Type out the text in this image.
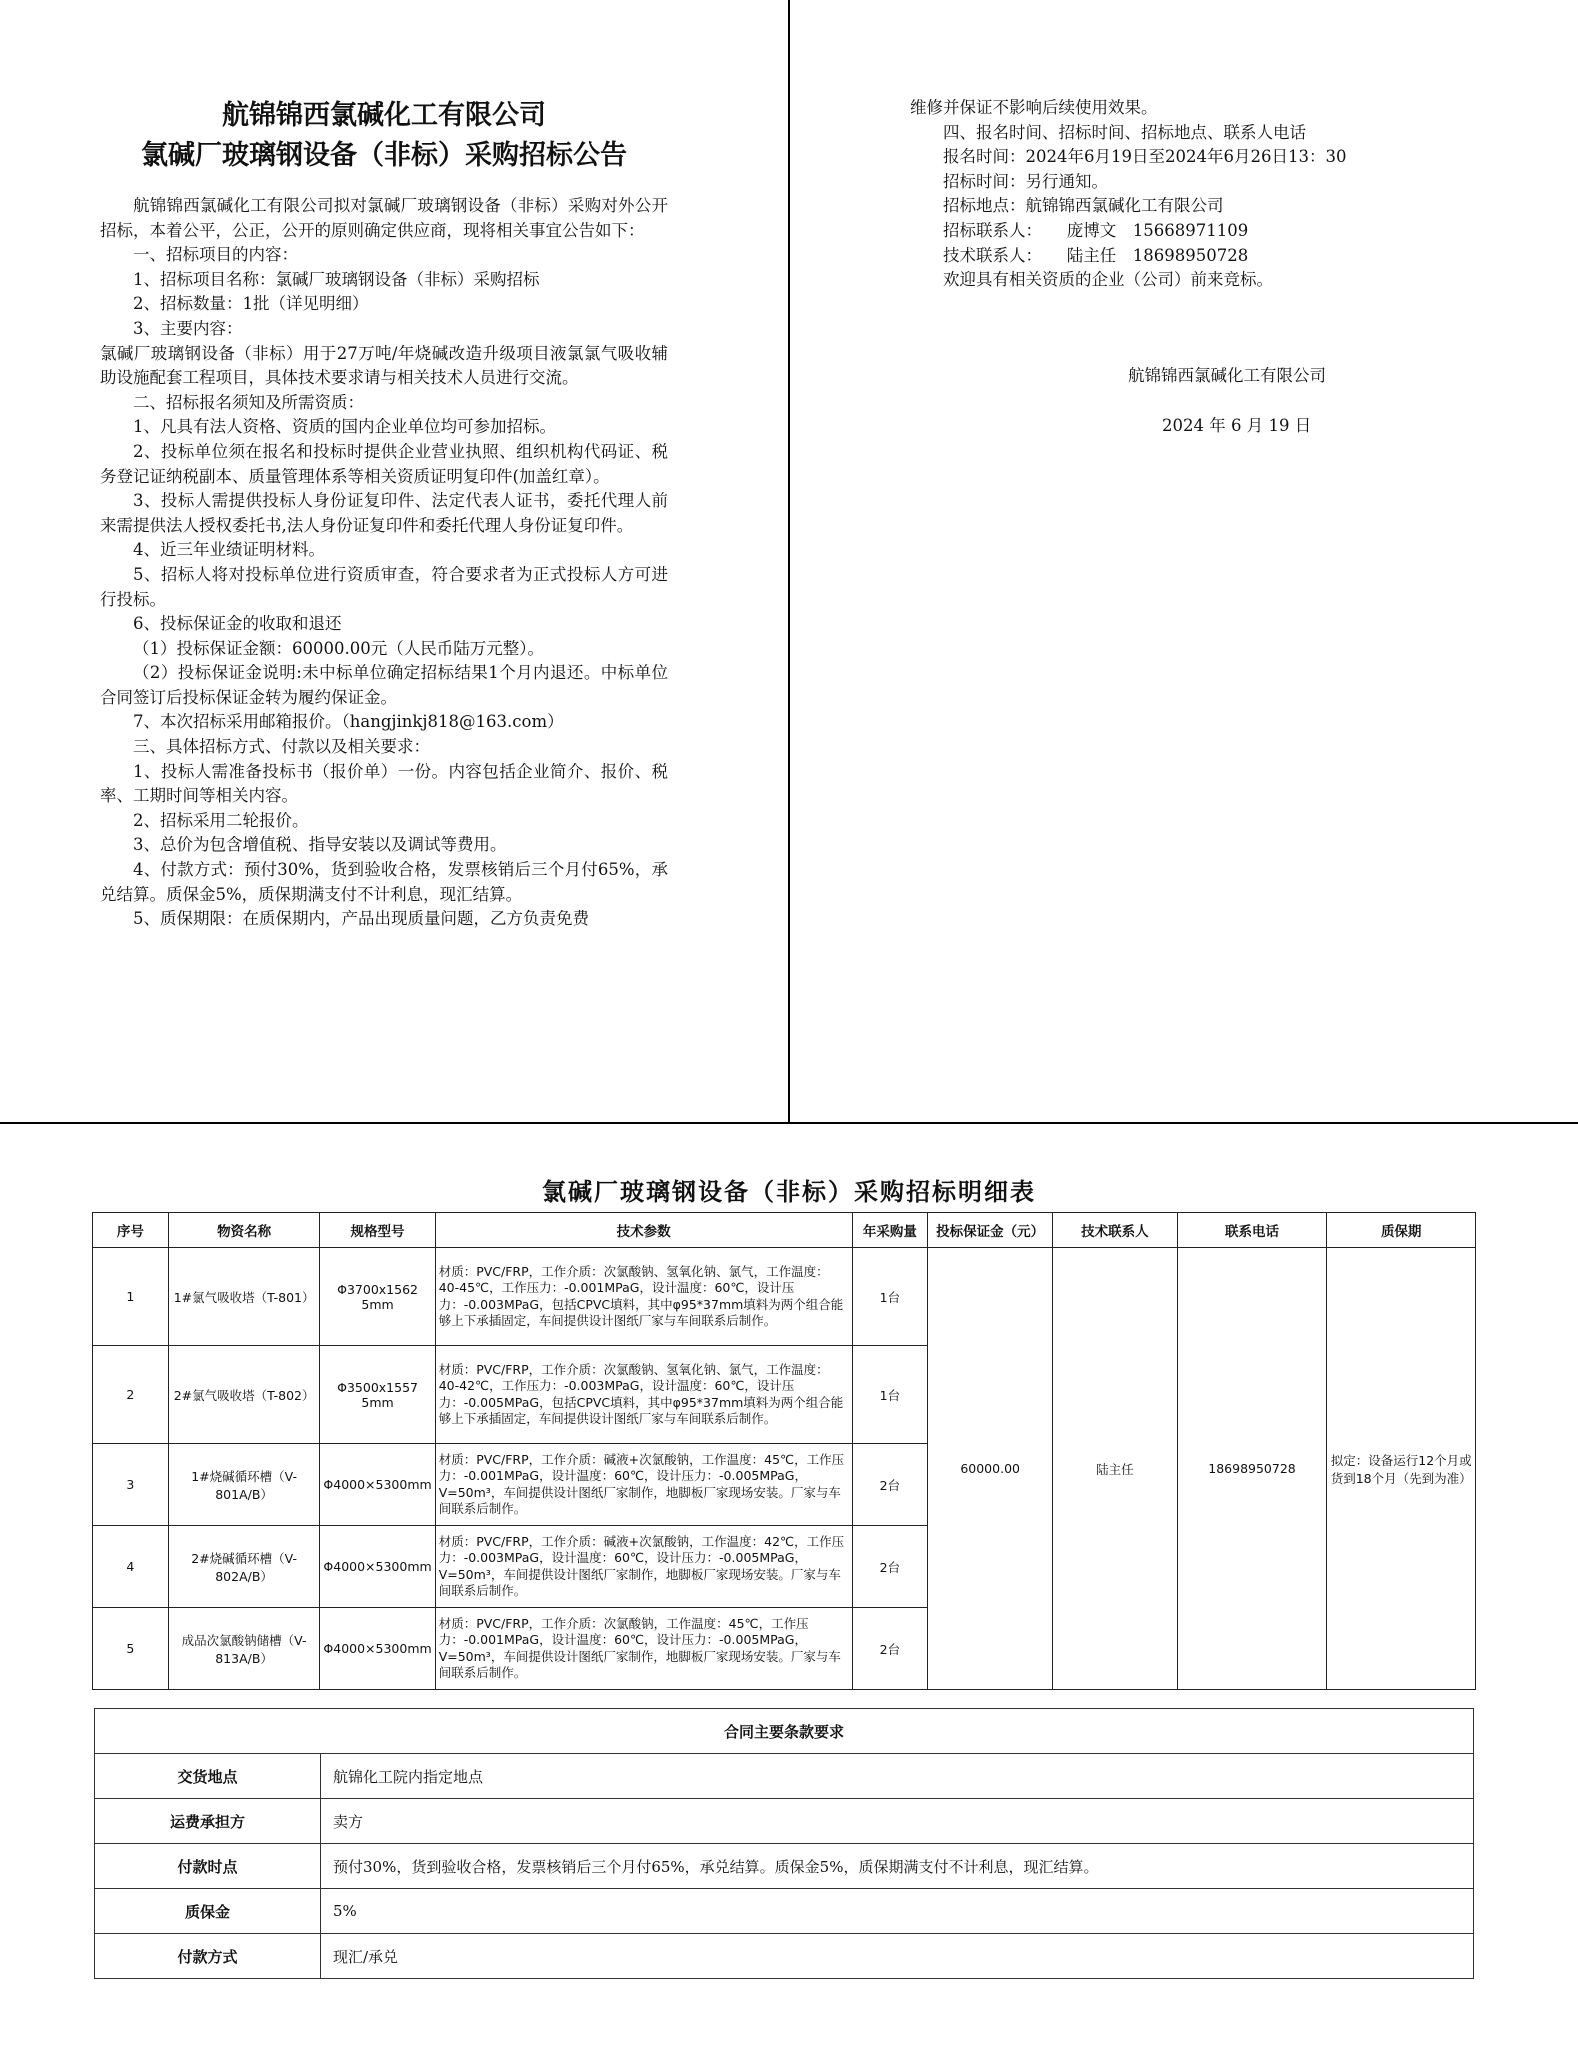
航锦锦西氯碱化工有限公司
氯碱厂玻璃钢设备（非标）采购招标公告

航锦锦西氯碱化工有限公司拟对氯碱厂玻璃钢设备（非标）采购对外公开招标，本着公平，公正，公开的原则确定供应商，现将相关事宜公告如下：

一、招标项目的内容：

1、招标项目名称：氯碱厂玻璃钢设备（非标）采购招标

2、招标数量：1批（详见明细）

3、主要内容：

氯碱厂玻璃钢设备（非标）用于27万吨/年烧碱改造升级项目液氯氯气吸收辅助设施配套工程项目，具体技术要求请与相关技术人员进行交流。

二、招标报名须知及所需资质：

1、凡具有法人资格、资质的国内企业单位均可参加招标。

2、投标单位须在报名和投标时提供企业营业执照、组织机构代码证、税务登记证纳税副本、质量管理体系等相关资质证明复印件(加盖红章）。

3、投标人需提供投标人身份证复印件、法定代表人证书，委托代理人前来需提供法人授权委托书,法人身份证复印件和委托代理人身份证复印件。

4、近三年业绩证明材料。

5、招标人将对投标单位进行资质审查，符合要求者为正式投标人方可进行投标。

6、投标保证金的收取和退还

（1）投标保证金额：60000.00元（人民币陆万元整）。

（2）投标保证金说明:未中标单位确定招标结果1个月内退还。中标单位合同签订后投标保证金转为履约保证金。

7、本次招标采用邮箱报价。（hangjinkj818@163.com）

三、具体招标方式、付款以及相关要求：

1、投标人需准备投标书（报价单）一份。内容包括企业简介、报价、税率、工期时间等相关内容。

2、招标采用二轮报价。

3、总价为包含增值税、指导安装以及调试等费用。

4、付款方式：预付30%，货到验收合格，发票核销后三个月付65%，承兑结算。质保金5%，质保期满支付不计利息，现汇结算。

5、质保期限：在质保期内，产品出现质量问题，乙方负责免费

维修并保证不影响后续使用效果。

四、报名时间、招标时间、招标地点、联系人电话

报名时间：2024年6月19日至2024年6月26日13：30

招标时间：另行通知。

招标地点：航锦锦西氯碱化工有限公司

招标联系人：　　庞博文　15668971109

技术联系人：　　陆主任　18698950728

欢迎具有相关资质的企业（公司）前来竞标。

航锦锦西氯碱化工有限公司
2024 年 6 月 19 日
氯碱厂玻璃钢设备（非标）采购招标明细表
序号	物资名称	规格型号	技术参数	年采购量	投标保证金（元）	技术联系人	联系电话	质保期
1	1#氯气吸收塔（T-801）	Φ3700x1562 5mm	材质：PVC/FRP，工作介质：次氯酸钠、氢氧化钠、氯气，工作温度：40-45℃，工作压力：-0.001MPaG，设计温度：60℃，设计压力：-0.003MPaG，包括CPVC填料，其中φ95*37mm填料为两个组合能够上下承插固定，车间提供设计图纸厂家与车间联系后制作。	1台	60000.00	陆主任	18698950728	拟定：设备运行12个月或货到18个月（先到为准）
2	2#氯气吸收塔（T-802）	Φ3500x1557 5mm	材质：PVC/FRP，工作介质：次氯酸钠、氢氧化钠、氯气，工作温度：40-42℃，工作压力：-0.003MPaG，设计温度：60℃，设计压力：-0.005MPaG，包括CPVC填料，其中φ95*37mm填料为两个组合能够上下承插固定，车间提供设计图纸厂家与车间联系后制作。	1台				
3	1#烧碱循环槽（V-801A/B）	Φ4000×5300mm	材质：PVC/FRP，工作介质：碱液+次氯酸钠，工作温度：45℃，工作压力：-0.001MPaG，设计温度：60℃，设计压力：-0.005MPaG，V=50m³，车间提供设计图纸厂家制作，地脚板厂家现场安装。厂家与车间联系后制作。	2台				
4	2#烧碱循环槽（V-802A/B）	Φ4000×5300mm	材质：PVC/FRP，工作介质：碱液+次氯酸钠，工作温度：42℃，工作压力：-0.003MPaG，设计温度：60℃，设计压力：-0.005MPaG，V=50m³，车间提供设计图纸厂家制作，地脚板厂家现场安装。厂家与车间联系后制作。	2台				
5	成品次氯酸钠储槽（V-813A/B）	Φ4000×5300mm	材质：PVC/FRP，工作介质：次氯酸钠，工作温度：45℃，工作压力：-0.001MPaG，设计温度：60℃，设计压力：-0.005MPaG，V=50m³，车间提供设计图纸厂家制作，地脚板厂家现场安装。厂家与车间联系后制作。	2台				
合同主要条款要求	
交货地点	航锦化工院内指定地点
运费承担方	卖方
付款时点	预付30%，货到验收合格，发票核销后三个月付65%，承兑结算。质保金5%，质保期满支付不计利息，现汇结算。
质保金	5%
付款方式	现汇/承兑
